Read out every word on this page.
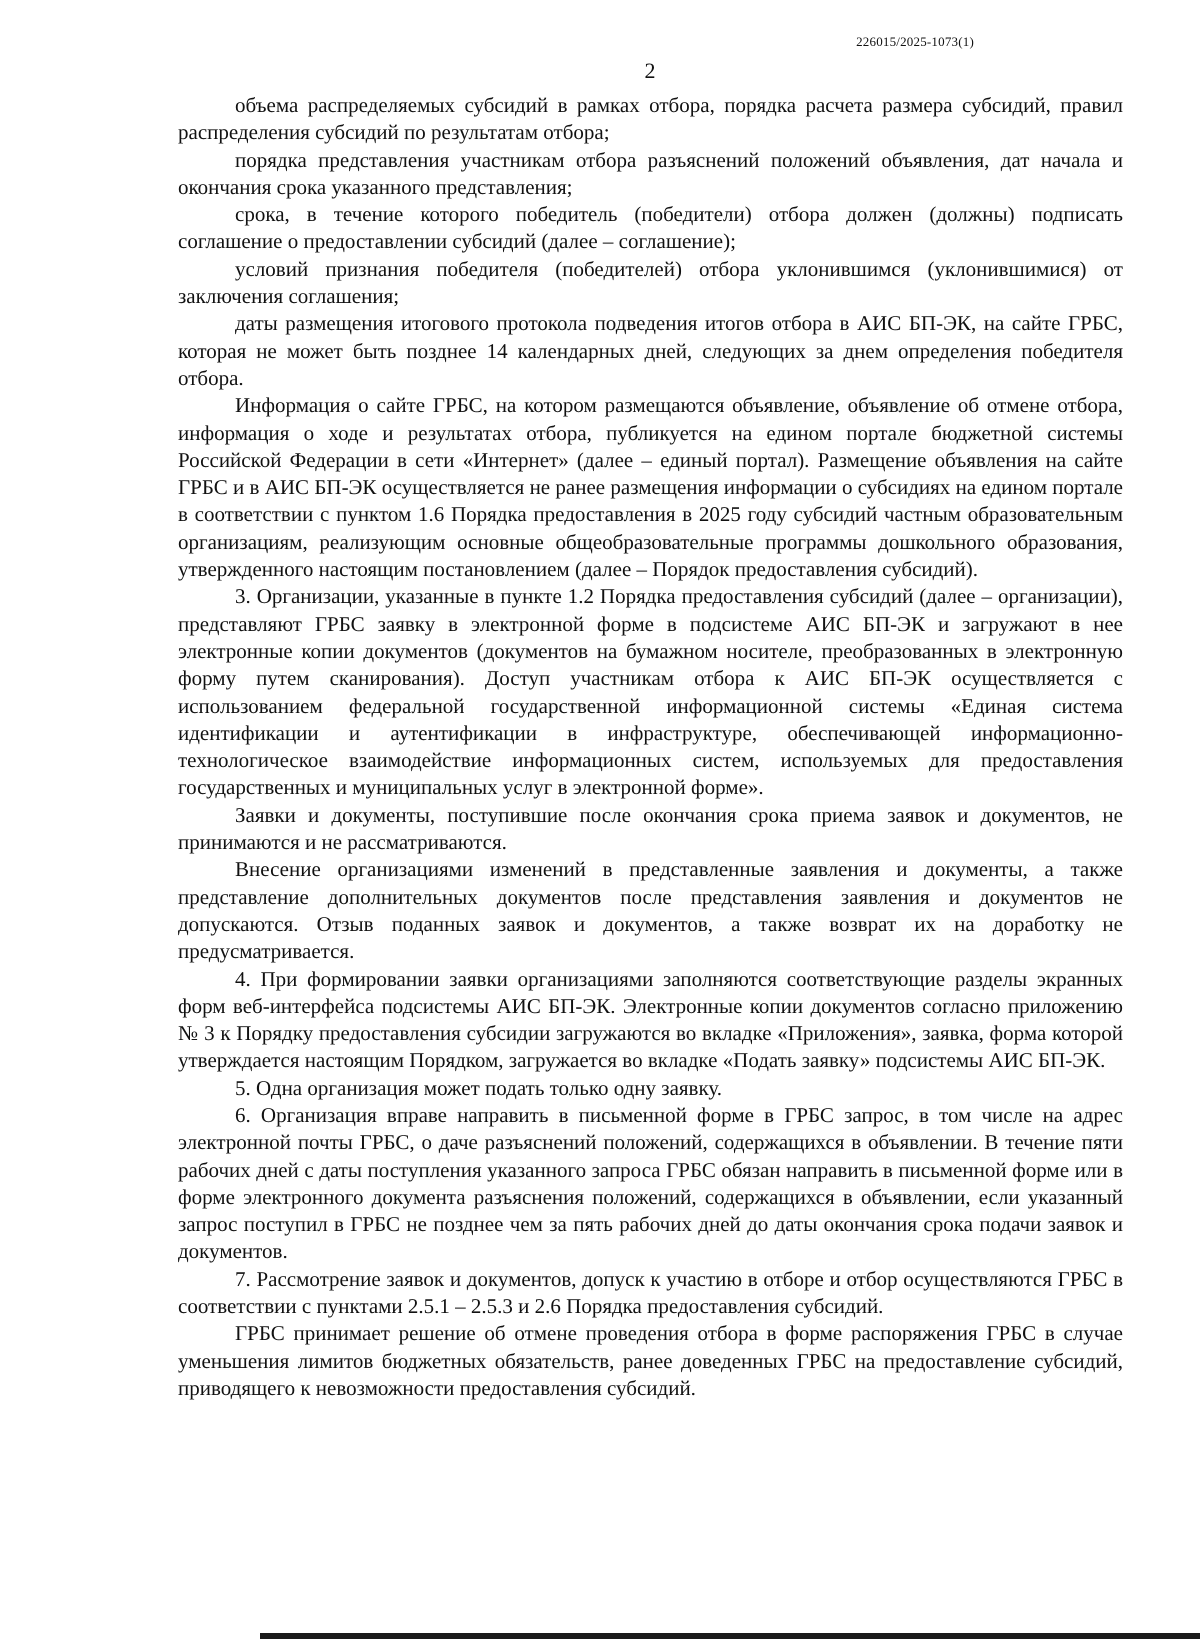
226015/2025-1073(1)
2

объема распределяемых субсидий в рамках отбора, порядка расчета размера субсидий, правил распределения субсидий по результатам отбора;

порядка представления участникам отбора разъяснений положений объявления, дат начала и окончания срока указанного представления;

срока, в течение которого победитель (победители) отбора должен (должны) подписать соглашение о предоставлении субсидий (далее – соглашение);

условий признания победителя (победителей) отбора уклонившимся (уклонившимися) от заключения соглашения;

даты размещения итогового протокола подведения итогов отбора в АИС БП-ЭК, на сайте ГРБС, которая не может быть позднее 14 календарных дней, следующих за днем определения победителя отбора.

Информация о сайте ГРБС, на котором размещаются объявление, объявление об отмене отбора, информация о ходе и результатах отбора, публикуется на едином портале бюджетной системы Российской Федерации в сети «Интернет» (далее – единый портал). Размещение объявления на сайте ГРБС и в АИС БП-ЭК осуществляется не ранее размещения информации о субсидиях на едином портале в соответствии с пунктом 1.6 Порядка предоставления в 2025 году субсидий частным образовательным организациям, реализующим основные общеобразовательные программы дошкольного образования, утвержденного настоящим постановлением (далее – Порядок предоставления субсидий).

3. Организации, указанные в пункте 1.2 Порядка предоставления субсидий (далее – организации), представляют ГРБС заявку в электронной форме в подсистеме АИС БП-ЭК и загружают в нее электронные копии документов (документов на бумажном носителе, преобразованных в электронную форму путем сканирования). Доступ участникам отбора к АИС БП-ЭК осуществляется с использованием федеральной государственной информационной системы «Единая система идентификации и аутентификации в инфраструктуре, обеспечивающей информационно-технологическое взаимодействие информационных систем, используемых для предоставления государственных и муниципальных услуг в электронной форме».

Заявки и документы, поступившие после окончания срока приема заявок и документов, не принимаются и не рассматриваются.

Внесение организациями изменений в представленные заявления и документы, а также представление дополнительных документов после представления заявления и документов не допускаются. Отзыв поданных заявок и документов, а также возврат их на доработку не предусматривается.

4. При формировании заявки организациями заполняются соответствующие разделы экранных форм веб-интерфейса подсистемы АИС БП-ЭК. Электронные копии документов согласно приложению № 3 к Порядку предоставления субсидии загружаются во вкладке «Приложения», заявка, форма которой утверждается настоящим Порядком, загружается во вкладке «Подать заявку» подсистемы АИС БП-ЭК.

5. Одна организация может подать только одну заявку.

6. Организация вправе направить в письменной форме в ГРБС запрос, в том числе на адрес электронной почты ГРБС, о даче разъяснений положений, содержащихся в объявлении. В течение пяти рабочих дней с даты поступления указанного запроса ГРБС обязан направить в письменной форме или в форме электронного документа разъяснения положений, содержащихся в объявлении, если указанный запрос поступил в ГРБС не позднее чем за пять рабочих дней до даты окончания срока подачи заявок и документов.

7. Рассмотрение заявок и документов, допуск к участию в отборе и отбор осуществляются ГРБС в соответствии с пунктами 2.5.1 – 2.5.3 и 2.6 Порядка предоставления субсидий.

ГРБС принимает решение об отмене проведения отбора в форме распоряжения ГРБС в случае уменьшения лимитов бюджетных обязательств, ранее доведенных ГРБС на предоставление субсидий, приводящего к невозможности предоставления субсидий.
